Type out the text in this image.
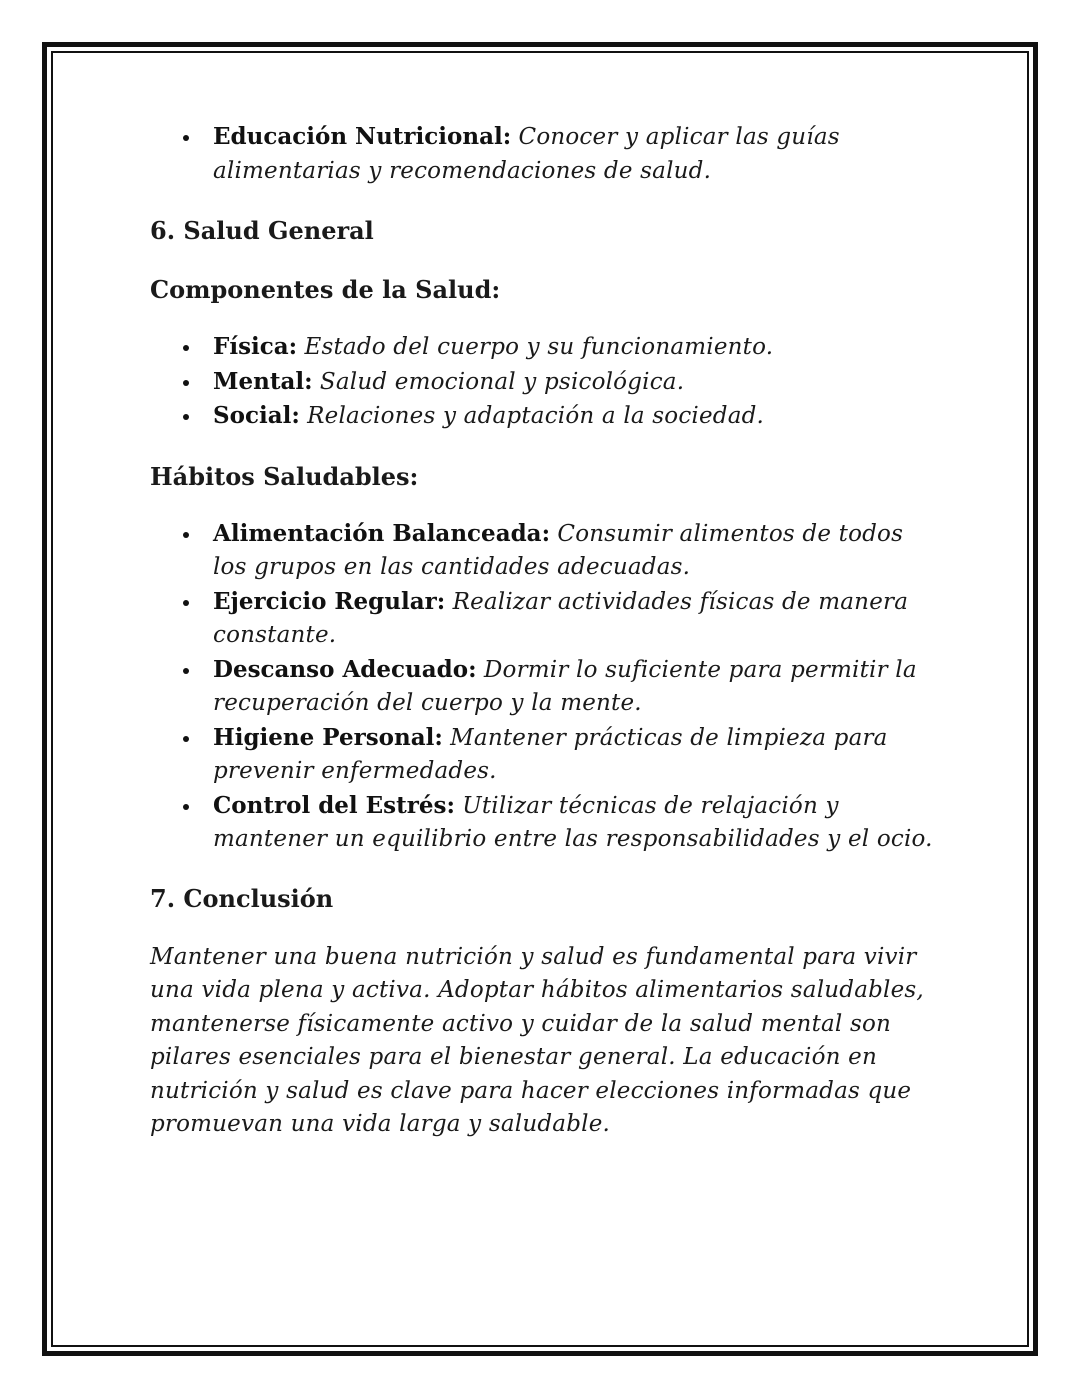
Educación Nutricional: Conocer y aplicar las guías alimentarias y recomendaciones de salud.
6. Salud General
Componentes de la Salud:
Física: Estado del cuerpo y su funcionamiento.
Mental: Salud emocional y psicológica.
Social: Relaciones y adaptación a la sociedad.
Hábitos Saludables:
Alimentación Balanceada: Consumir alimentos de todos los grupos en las cantidades adecuadas.
Ejercicio Regular: Realizar actividades físicas de manera constante.
Descanso Adecuado: Dormir lo suficiente para permitir la recuperación del cuerpo y la mente.
Higiene Personal: Mantener prácticas de limpieza para prevenir enfermedades.
Control del Estrés: Utilizar técnicas de relajación y mantener un equilibrio entre las responsabilidades y el ocio.
7. Conclusión

Mantener una buena nutrición y salud es fundamental para vivir una vida plena y activa. Adoptar hábitos alimentarios saludables, mantenerse físicamente activo y cuidar de la salud mental son pilares esenciales para el bienestar general. La educación en nutrición y salud es clave para hacer elecciones informadas que promuevan una vida larga y saludable.
